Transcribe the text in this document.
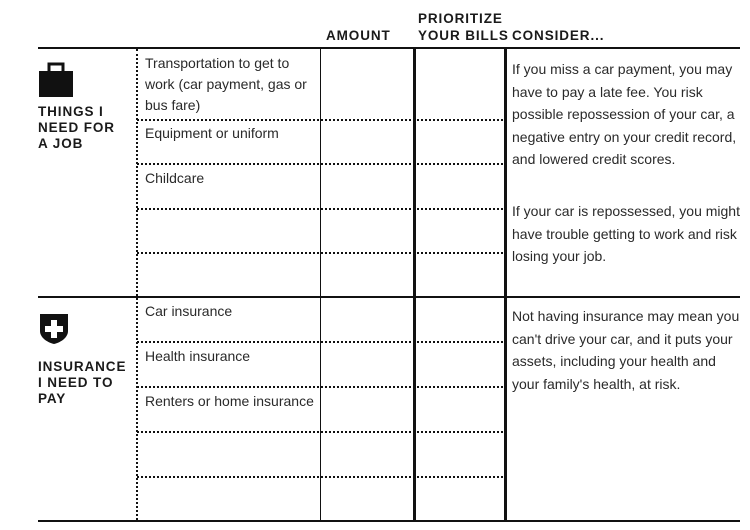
AMOUNT
PRIORITIZE
YOUR BILLS CONSIDER...
THINGS I
NEED FOR
A JOB
Transportation to get to work (car payment, gas or bus fare)
Equipment or uniform
Childcare
If you miss a car payment, you may have to pay a late fee. You risk possible repossession of your car, a negative entry on your credit record, and lowered credit scores.
If your car is repossessed, you might have trouble getting to work and risk losing your job.
INSURANCE
I NEED TO
PAY
Car insurance
Health insurance
Renters or home insurance
Not having insurance may mean you can't drive your car, and it puts your assets, including your health and your family's health, at risk.
